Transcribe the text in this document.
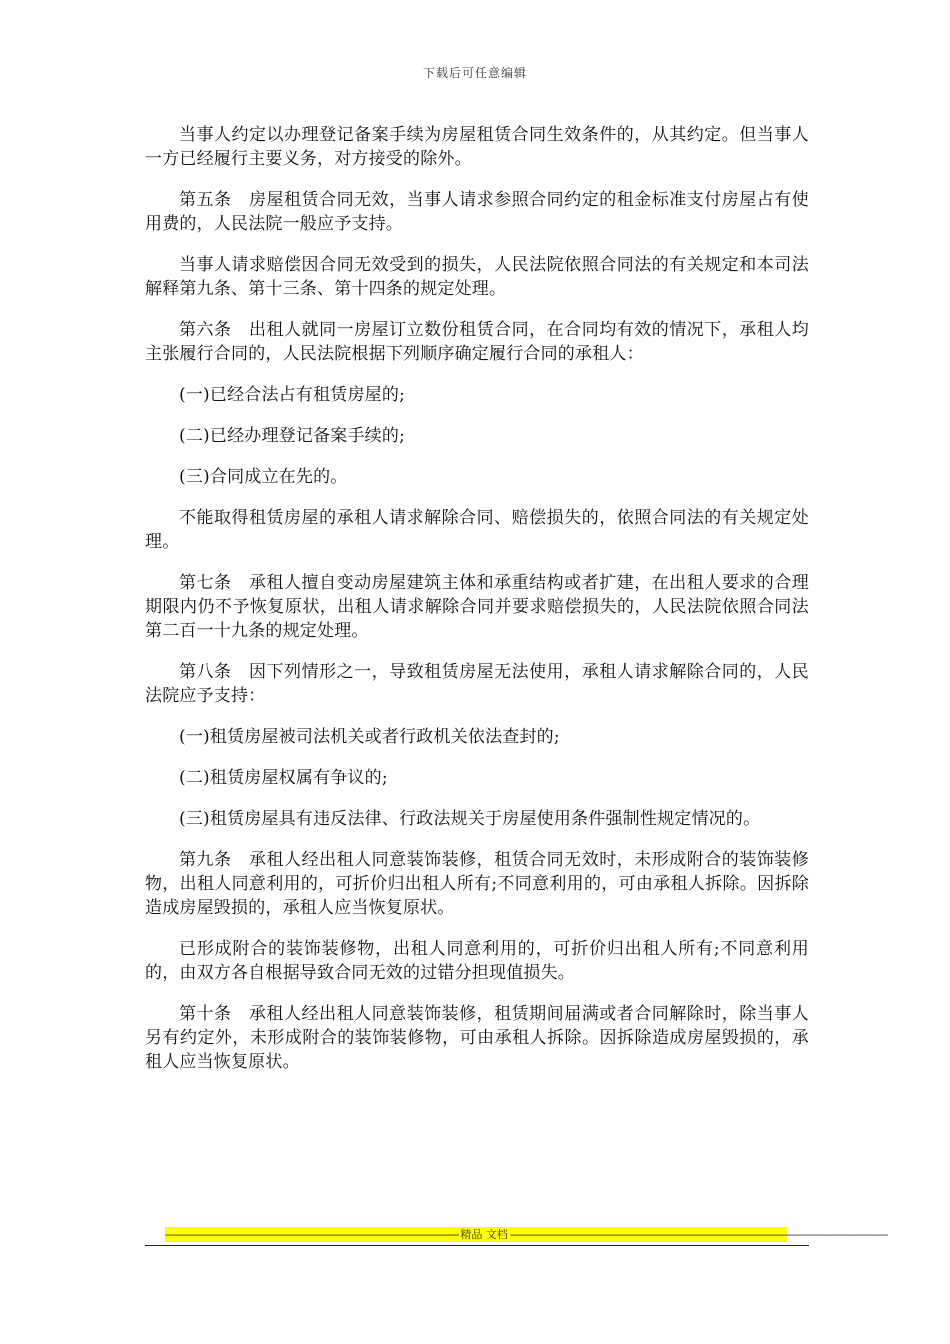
下载后可任意编辑

当事人约定以办理登记备案手续为房屋租赁合同生效条件的，从其约定。但当事人一方已经履行主要义务，对方接受的除外。

第五条　房屋租赁合同无效，当事人请求参照合同约定的租金标准支付房屋占有使用费的，人民法院一般应予支持。

当事人请求赔偿因合同无效受到的损失，人民法院依照合同法的有关规定和本司法解释第九条、第十三条、第十四条的规定处理。

第六条　出租人就同一房屋订立数份租赁合同，在合同均有效的情况下，承租人均主张履行合同的，人民法院根据下列顺序确定履行合同的承租人：

(一)已经合法占有租赁房屋的;

(二)已经办理登记备案手续的;

(三)合同成立在先的。

不能取得租赁房屋的承租人请求解除合同、赔偿损失的，依照合同法的有关规定处理。

第七条　承租人擅自变动房屋建筑主体和承重结构或者扩建，在出租人要求的合理期限内仍不予恢复原状，出租人请求解除合同并要求赔偿损失的，人民法院依照合同法第二百一十九条的规定处理。

第八条　因下列情形之一，导致租赁房屋无法使用，承租人请求解除合同的，人民法院应予支持：

(一)租赁房屋被司法机关或者行政机关依法查封的;

(二)租赁房屋权属有争议的;

(三)租赁房屋具有违反法律、行政法规关于房屋使用条件强制性规定情况的。

第九条　承租人经出租人同意装饰装修，租赁合同无效时，未形成附合的装饰装修物，出租人同意利用的，可折价归出租人所有;不同意利用的，可由承租人拆除。因拆除造成房屋毁损的，承租人应当恢复原状。

已形成附合的装饰装修物，出租人同意利用的，可折价归出租人所有;不同意利用的，由双方各自根据导致合同无效的过错分担现值损失。

第十条　承租人经出租人同意装饰装修，租赁期间届满或者合同解除时，除当事人另有约定外，未形成附合的装饰装修物，可由承租人拆除。因拆除造成房屋毁损的，承租人应当恢复原状。

------------------------------------------------------------------------------------------------------------ 精品 文档 -------------------------------------------------------------------------------------------------------------------------------------------
